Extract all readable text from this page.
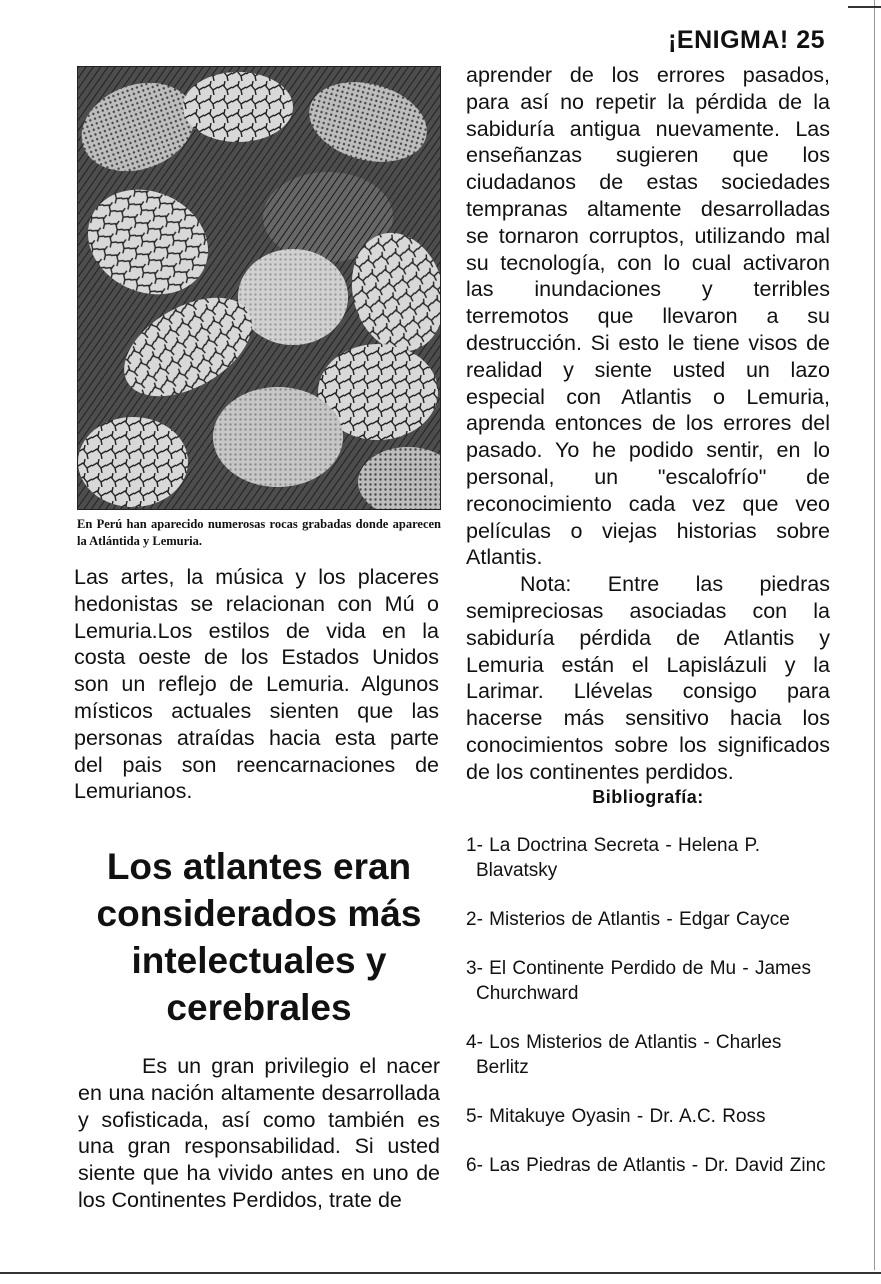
¡ENIGMA! 25
En Perú han aparecido numerosas rocas grabadas donde aparecen la Atlántida y Lemuria.

Las artes, la música y los placeres hedonistas se relacionan con Mú o Lemuria.Los estilos de vida en la costa oeste de los Estados Unidos son un reflejo de Lemuria. Algunos místicos actuales sienten que las personas atraídas hacia esta parte del pais son reencarnaciones de Lemurianos.

Los atlantes eran considerados más intelectuales y cerebrales

Es un gran privilegio el nacer en una nación altamente desarrollada y sofisticada, así como también es una gran responsabilidad. Si usted siente que ha vivido antes en uno de los Continentes Perdidos, trate de

aprender de los errores pasados, para así no repetir la pérdida de la sabiduría antigua nuevamente. Las enseñanzas sugieren que los ciudadanos de estas sociedades tempranas altamente desarrolladas se tornaron corruptos, utilizando mal su tecnología, con lo cual activaron las inundaciones y terribles terremotos que llevaron a su destrucción. Si esto le tiene visos de realidad y siente usted un lazo especial con Atlantis o Lemuria, aprenda entonces de los errores del pasado. Yo he podido sentir, en lo personal, un "escalofrío" de reconocimiento cada vez que veo películas o viejas historias sobre Atlantis.

Nota: Entre las piedras semipreciosas asociadas con la sabiduría pérdida de Atlantis y Lemuria están el Lapislázuli y la Larimar. Llévelas consigo para hacerse más sensitivo hacia los conocimientos sobre los significados de los continentes perdidos.

Bibliografía:
1- La Doctrina Secreta - Helena P. Blavatsky
2- Misterios de Atlantis - Edgar Cayce
3- El Continente Perdido de Mu - James Churchward
4- Los Misterios de Atlantis - Charles Berlitz
5- Mitakuye Oyasin - Dr. A.C. Ross
6- Las Piedras de Atlantis - Dr. David Zinc
